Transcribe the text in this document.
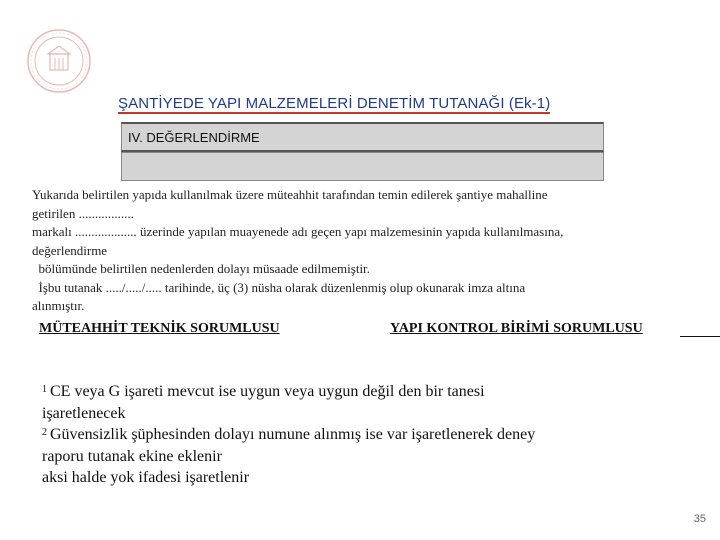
ŞANTİYEDE YAPI MALZEMELERİ DENETİM TUTANAĞI (Ek-1)
IV. DEĞERLENDİRME
Yukarıda belirtilen yapıda kullanılmak üzere müteahhit tarafından temin edilerek şantiye mahalline
getirilen .................
markalı ................... üzerinde yapılan muayenede adı geçen yapı malzemesinin yapıda kullanılmasına,
değerlendirme
bölümünde belirtilen nedenlerden dolayı müsaade edilmemiştir.
İşbu tutanak ...../...../..... tarihinde, üç (3) nüsha olarak düzenlenmiş olup okunarak imza altına
alınmıştır.
MÜTEAHHİT TEKNİK SORUMLUSU	YAPI KONTROL BİRİMİ SORUMLUSU
$^1$ CE veya G işareti mevcut ise uygun veya uygun değil den bir tanesi
işaretlenecek
$^2$ Güvensizlik şüphesinden dolayı numune alınmış ise var işaretlenerek deney
raporu tutanak ekine eklenir
aksi halde yok ifadesi işaretlenir
35
